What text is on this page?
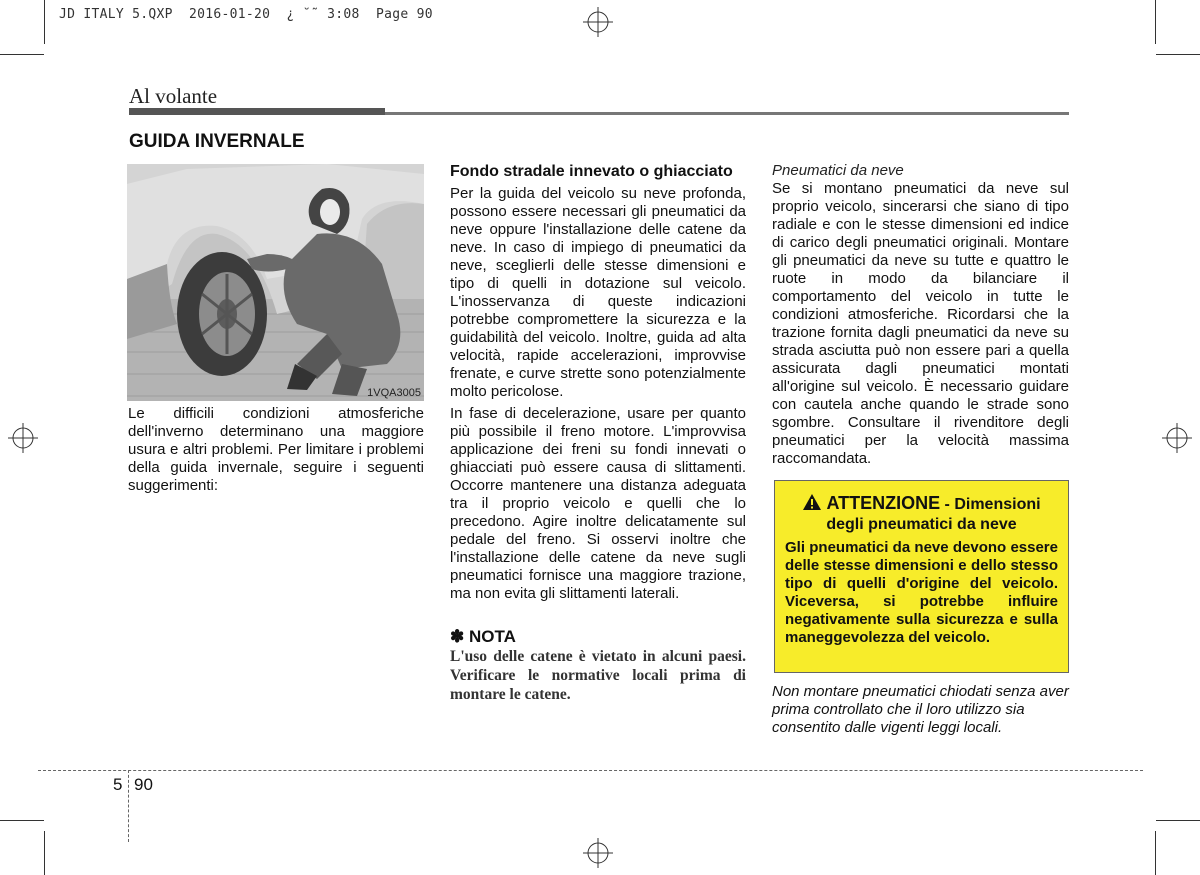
JD ITALY 5.QXP  2016-01-20  ¿ ˘˜ 3:08  Page 90
Al volante
GUIDA INVERNALE
1VQA3005
Le difficili condizioni atmosferiche dell'inverno determinano una maggiore usura e altri problemi. Per limitare i problemi della guida invernale, seguire i seguenti suggerimenti:
Fondo stradale innevato o ghiacciato

Per la guida del veicolo su neve profonda, possono essere necessari gli pneumatici da neve oppure l'installazione delle catene da neve. In caso di impiego di pneumatici da neve, sceglierli delle stesse dimensioni e tipo di quelli in dotazione sul veicolo. L'inosservanza di queste indicazioni potrebbe compromettere la sicurezza e la guidabilità del veicolo. Inoltre, guida ad alta velocità, rapide accelerazioni, improvvise frenate, e curve strette sono potenzialmente molto pericolose.

In fase di decelerazione, usare per quanto più possibile il freno motore. L'improvvisa applicazione dei freni su fondi innevati o ghiacciati può essere causa di slittamenti. Occorre mantenere una distanza adeguata tra il proprio veicolo e quelli che lo precedono. Agire inoltre delicatamente sul pedale del freno. Si osservi inoltre che l'installazione delle catene da neve sugli pneumatici fornisce una maggiore trazione, ma non evita gli slittamenti laterali.

✽ NOTA
L'uso delle catene è vietato in alcuni paesi. Verificare le normative locali prima di montare le catene.
Pneumatici da neve

Se si montano pneumatici da neve sul proprio veicolo, sincerarsi che siano di tipo radiale e con le stesse dimensioni ed indice di carico degli pneumatici originali. Montare gli pneumatici da neve su tutte e quattro le ruote in modo da bilanciare il comportamento del veicolo in tutte le condizioni atmosferiche. Ricordarsi che la trazione fornita dagli pneumatici da neve su strada asciutta può non essere pari a quella assicurata dagli pneumatici montati all'origine sul veicolo. È necessario guidare con cautela anche quando le strade sono sgombre. Consultare il rivenditore degli pneumatici per la velocità massima raccomandata.

ATTENZIONE - Dimensioni
degli pneumatici da neve
Gli pneumatici da neve devono essere delle stesse dimensioni e dello stesso tipo di quelli d'origine del veicolo. Viceversa, si potrebbe influire negativamente sulla sicurezza e sulla maneggevolezza del veicolo.
Non montare pneumatici chiodati senza aver prima controllato che il loro utilizzo sia consentito dalle vigenti leggi locali.
5 90
